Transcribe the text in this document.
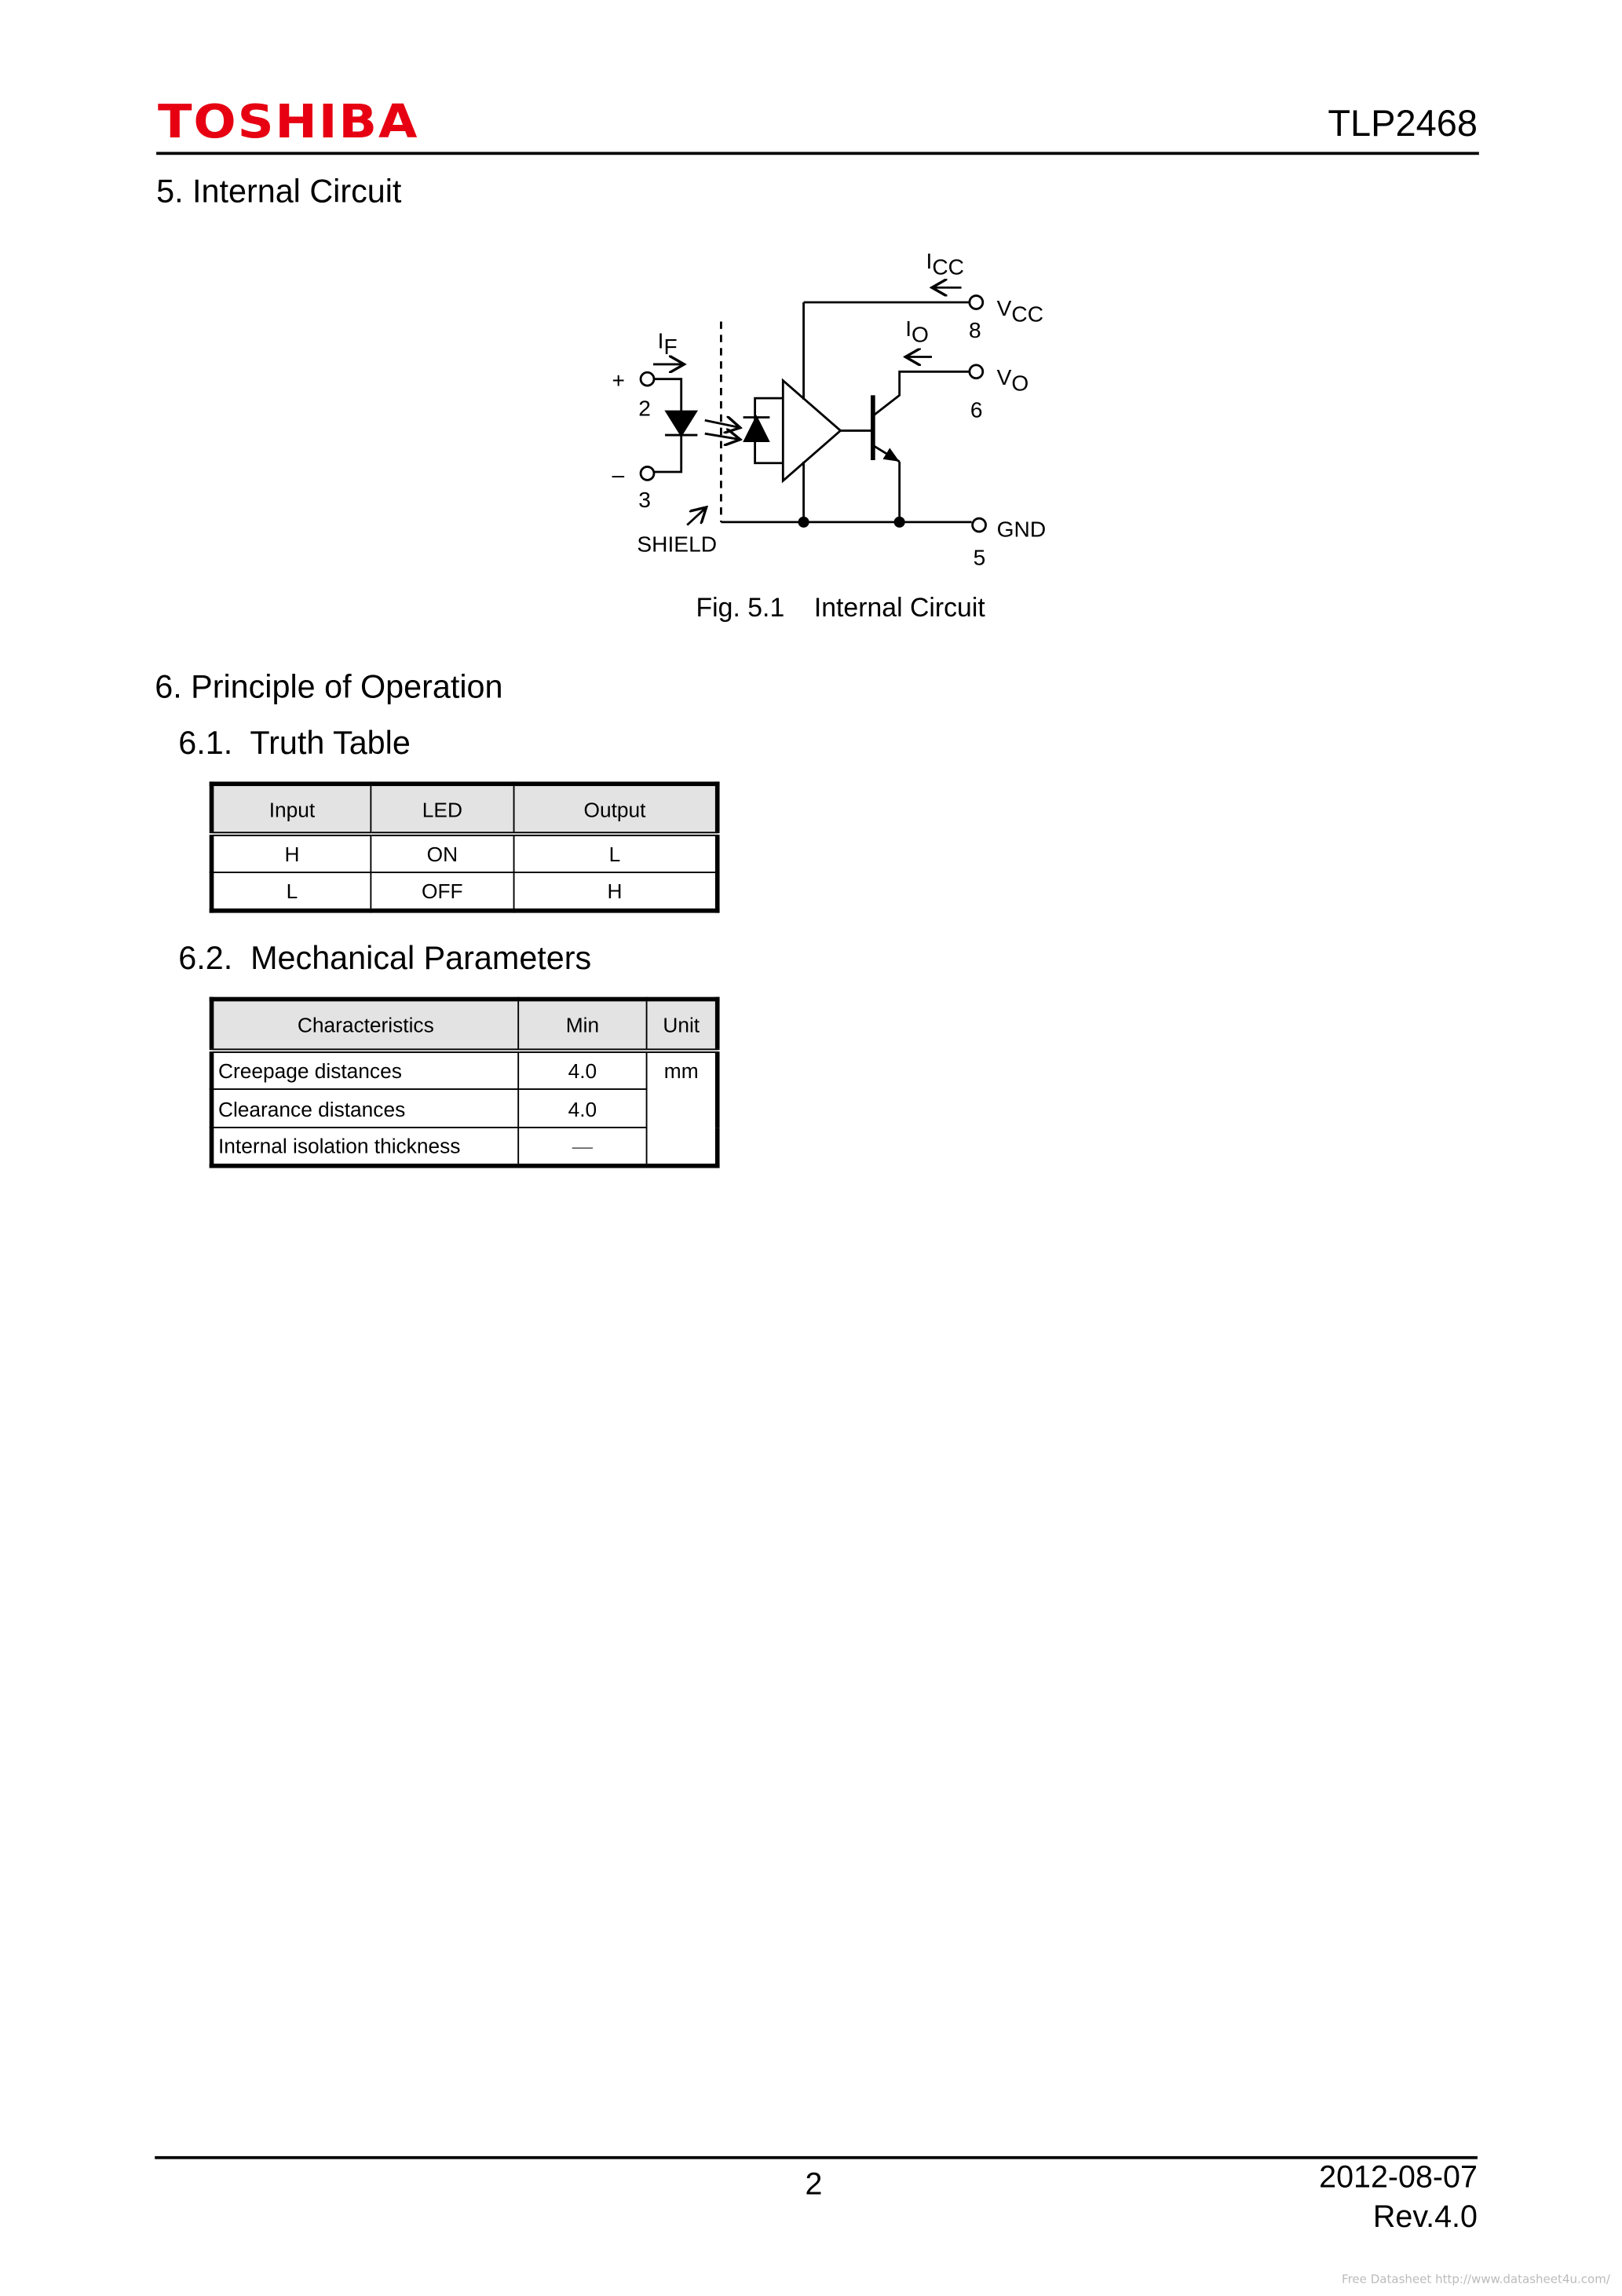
TOSHIBA	TLP2468
5. Internal Circuit
ICC
VCC
8
IO
VO
6
IF
+
2
–
3
SHIELD
GND
5
Fig. 5.1    Internal Circuit
6. Principle of Operation
6.1.  Truth Table
Input	LED	Output
H	ON	L
L	OFF	H
6.2.  Mechanical Parameters
Characteristics	Min	Unit
Creepage distances	4.0	mm
Clearance distances	4.0	
Internal isolation thickness	—	
2	2012-08-07
Rev.4.0
Free Datasheet http://www.datasheet4u.com/
